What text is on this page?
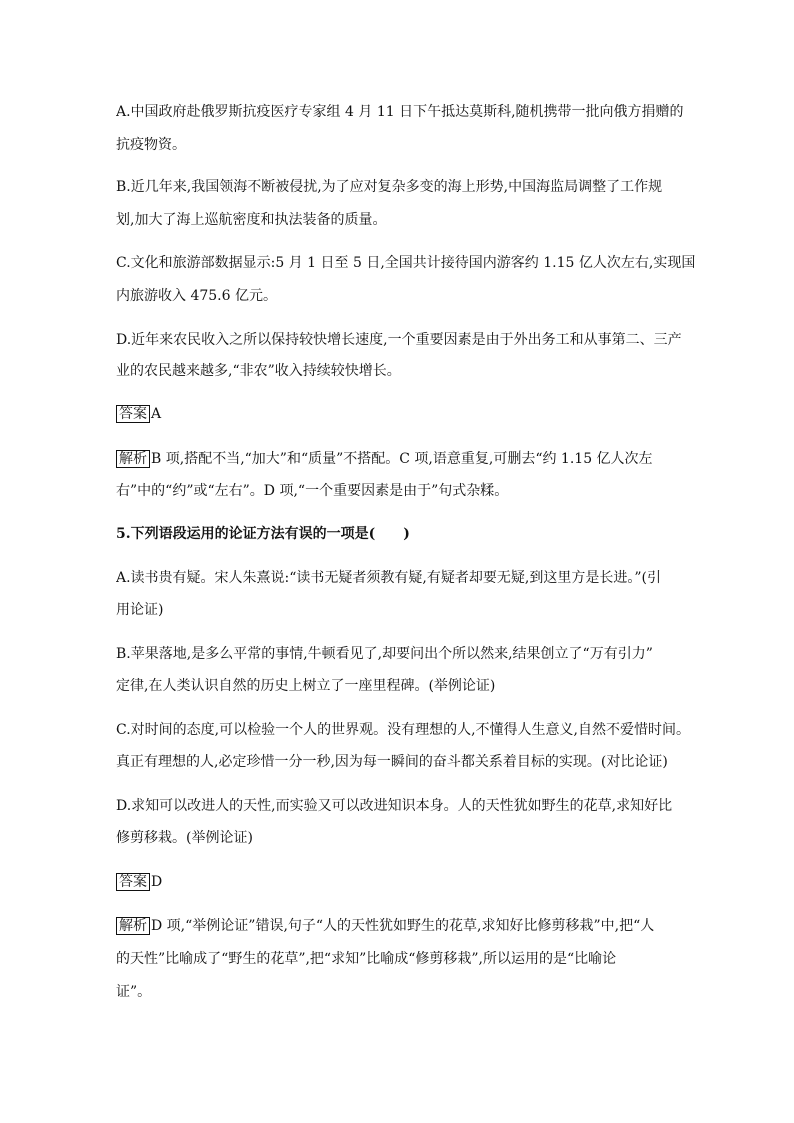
A.中国政府赴俄罗斯抗疫医疗专家组 4 月 11 日下午抵达莫斯科,随机携带一批向俄方捐赠的
抗疫物资。
B.近几年来,我国领海不断被侵扰,为了应对复杂多变的海上形势,中国海监局调整了工作规
划,加大了海上巡航密度和执法装备的质量。
C.文化和旅游部数据显示:5 月 1 日至 5 日,全国共计接待国内游客约 1.15 亿人次左右,实现国
内旅游收入 475.6 亿元。
D.近年来农民收入之所以保持较快增长速度,一个重要因素是由于外出务工和从事第二、三产
业的农民越来越多,“非农”收入持续较快增长。
答案 A
解析 B 项,搭配不当,“加大”和“质量”不搭配。C 项,语意重复,可删去“约 1.15 亿人次左
右”中的“约”或“左右”。D 项,“一个重要因素是由于”句式杂糅。
5.下列语段运用的论证方法有误的一项是(　　)
A.读书贵有疑。宋人朱熹说:“读书无疑者须教有疑,有疑者却要无疑,到这里方是长进。”(引
用论证)
B.苹果落地,是多么平常的事情,牛顿看见了,却要问出个所以然来,结果创立了“万有引力”
定律,在人类认识自然的历史上树立了一座里程碑。(举例论证)
C.对时间的态度,可以检验一个人的世界观。没有理想的人,不懂得人生意义,自然不爱惜时间。
真正有理想的人,必定珍惜一分一秒,因为每一瞬间的奋斗都关系着目标的实现。(对比论证)
D.求知可以改进人的天性,而实验又可以改进知识本身。人的天性犹如野生的花草,求知好比
修剪移栽。(举例论证)
答案 D
解析 D 项,“举例论证”错误,句子“人的天性犹如野生的花草,求知好比修剪移栽”中,把“人
的天性”比喻成了“野生的花草”,把“求知”比喻成“修剪移栽”,所以运用的是“比喻论
证”。
